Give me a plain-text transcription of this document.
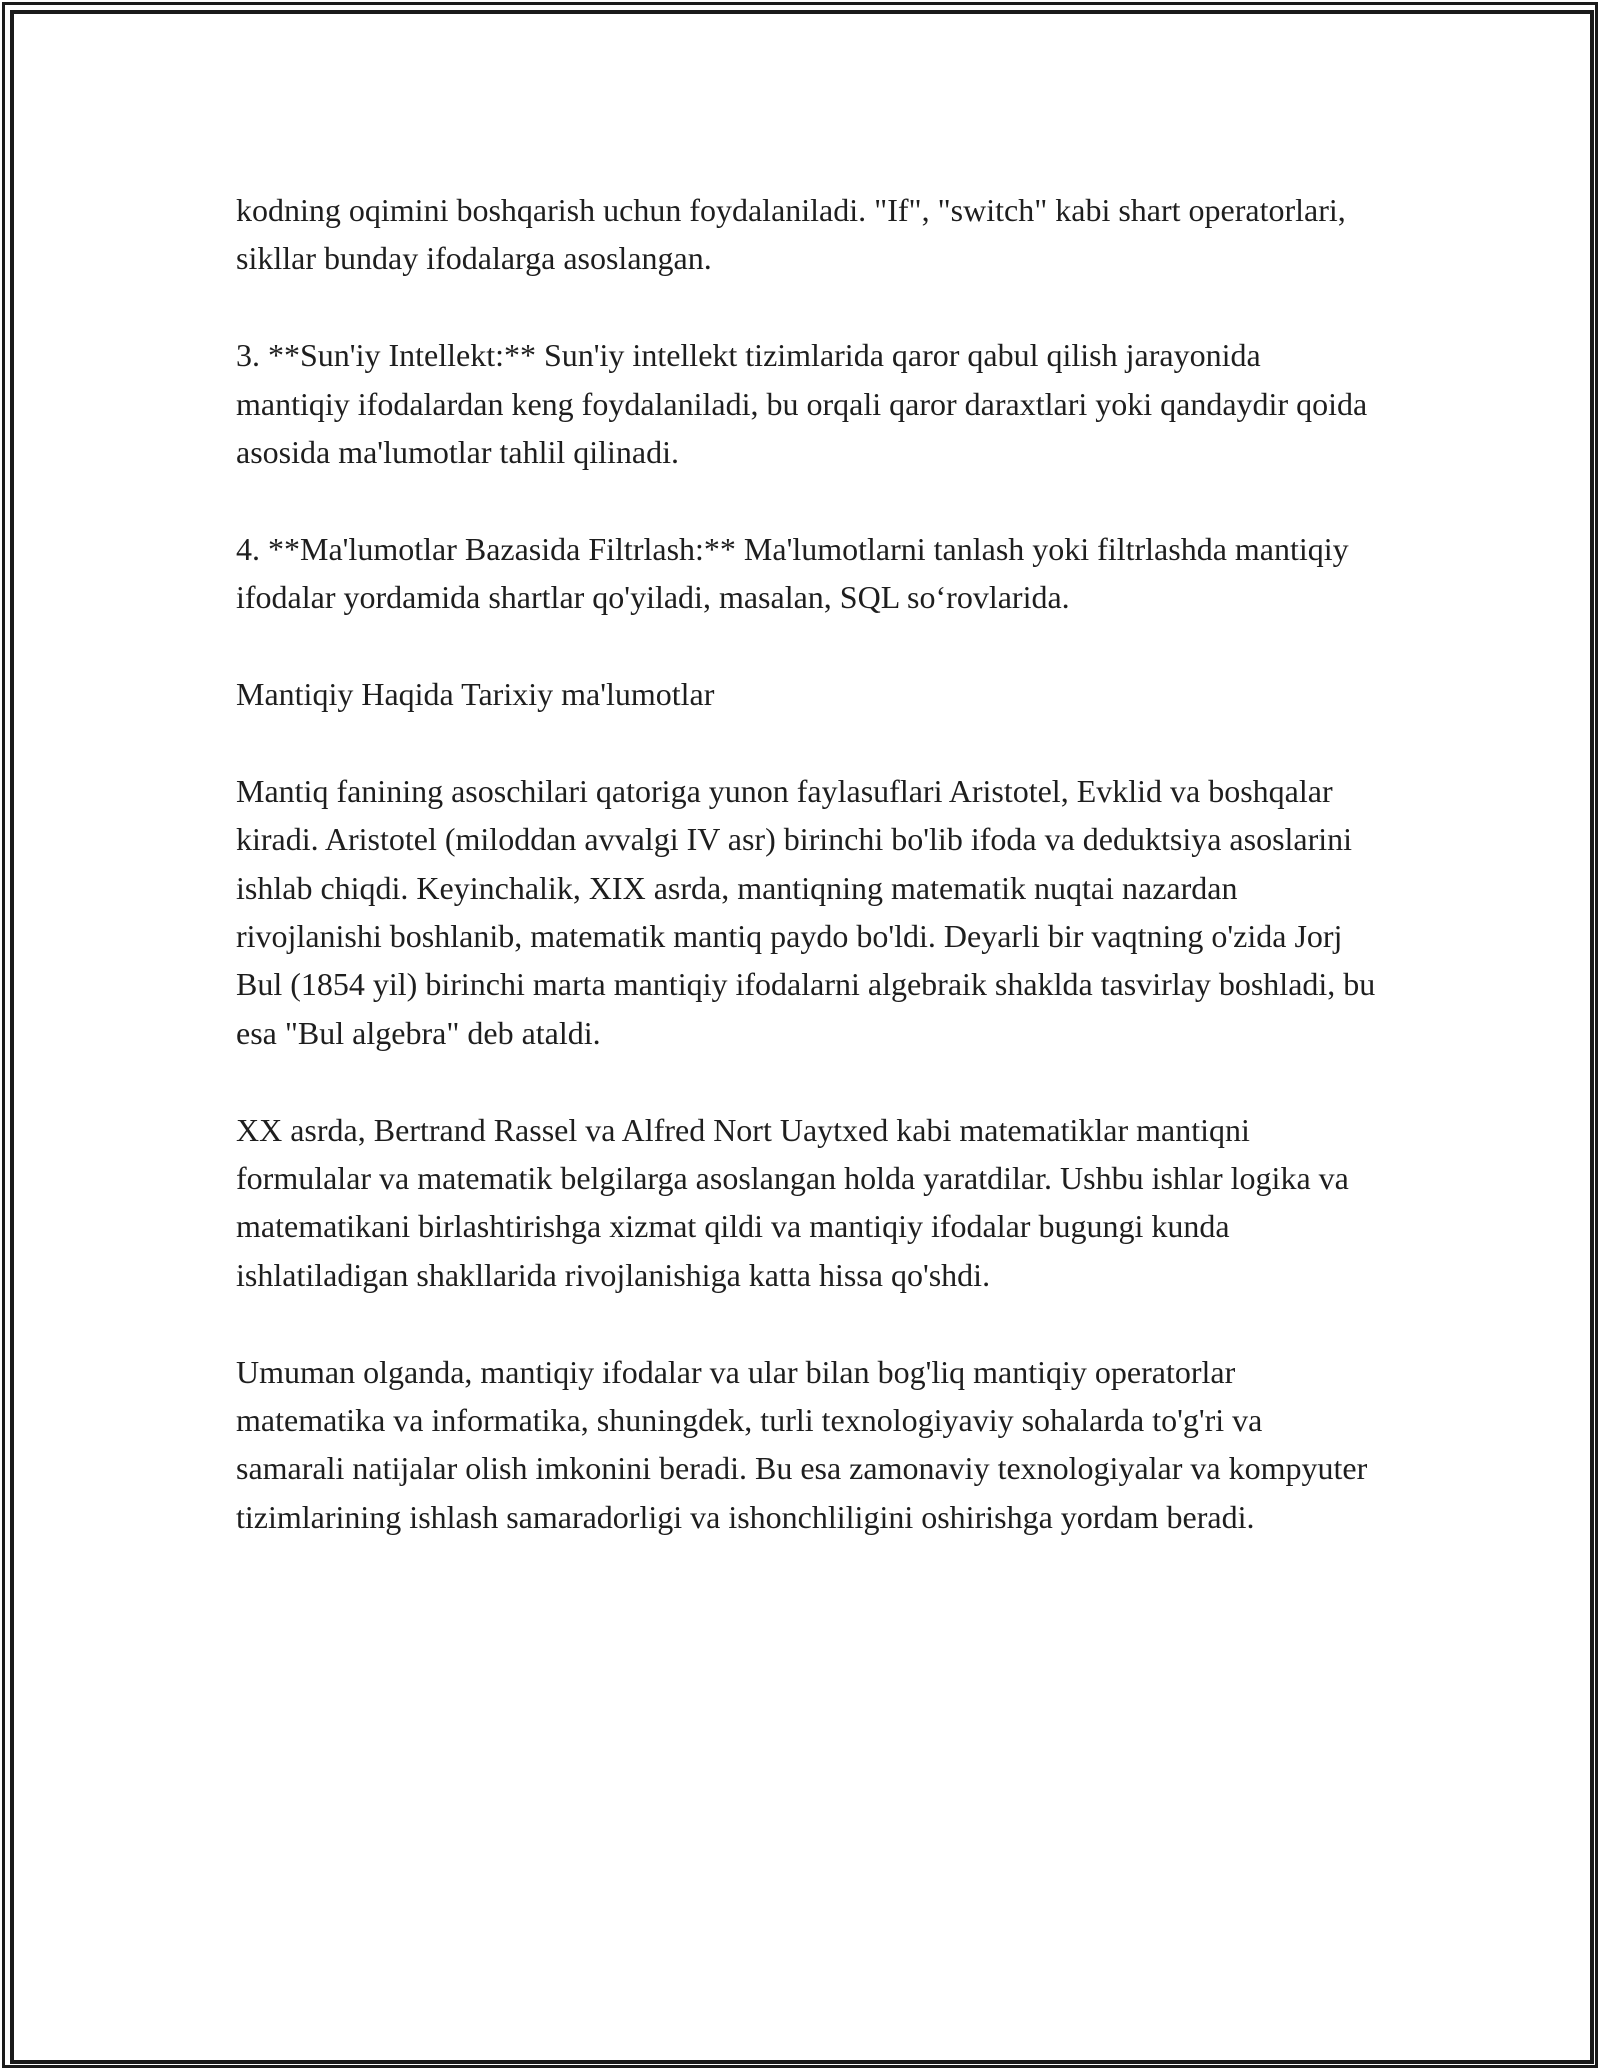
kodning oqimini boshqarish uchun foydalaniladi. "If", "switch" kabi shart operatorlari, sikllar bunday ifodalarga asoslangan.

3. **Sun'iy Intellekt:** Sun'iy intellekt tizimlarida qaror qabul qilish jarayonida mantiqiy ifodalardan keng foydalaniladi, bu orqali qaror daraxtlari yoki qandaydir qoida asosida ma'lumotlar tahlil qilinadi.

4. **Ma'lumotlar Bazasida Filtrlash:** Ma'lumotlarni tanlash yoki filtrlashda mantiqiy ifodalar yordamida shartlar qo'yiladi, masalan, SQL so‘rovlarida.

Mantiqiy Haqida Tarixiy ma'lumotlar

Mantiq fanining asoschilari qatoriga yunon faylasuflari Aristotel, Evklid va boshqalar kiradi. Aristotel (miloddan avvalgi IV asr) birinchi bo'lib ifoda va deduktsiya asoslarini ishlab chiqdi. Keyinchalik, XIX asrda, mantiqning matematik nuqtai nazardan rivojlanishi boshlanib, matematik mantiq paydo bo'ldi. Deyarli bir vaqtning o'zida Jorj Bul (1854 yil) birinchi marta mantiqiy ifodalarni algebraik shaklda tasvirlay boshladi, bu esa "Bul algebra" deb ataldi.

XX asrda, Bertrand Rassel va Alfred Nort Uaytxed kabi matematiklar mantiqni formulalar va matematik belgilarga asoslangan holda yaratdilar. Ushbu ishlar logika va matematikani birlashtirishga xizmat qildi va mantiqiy ifodalar bugungi kunda ishlatiladigan shakllarida rivojlanishiga katta hissa qo'shdi.

Umuman olganda, mantiqiy ifodalar va ular bilan bog'liq mantiqiy operatorlar matematika va informatika, shuningdek, turli texnologiyaviy sohalarda to'g'ri va samarali natijalar olish imkonini beradi. Bu esa zamonaviy texnologiyalar va kompyuter tizimlarining ishlash samaradorligi va ishonchliligini oshirishga yordam beradi.
